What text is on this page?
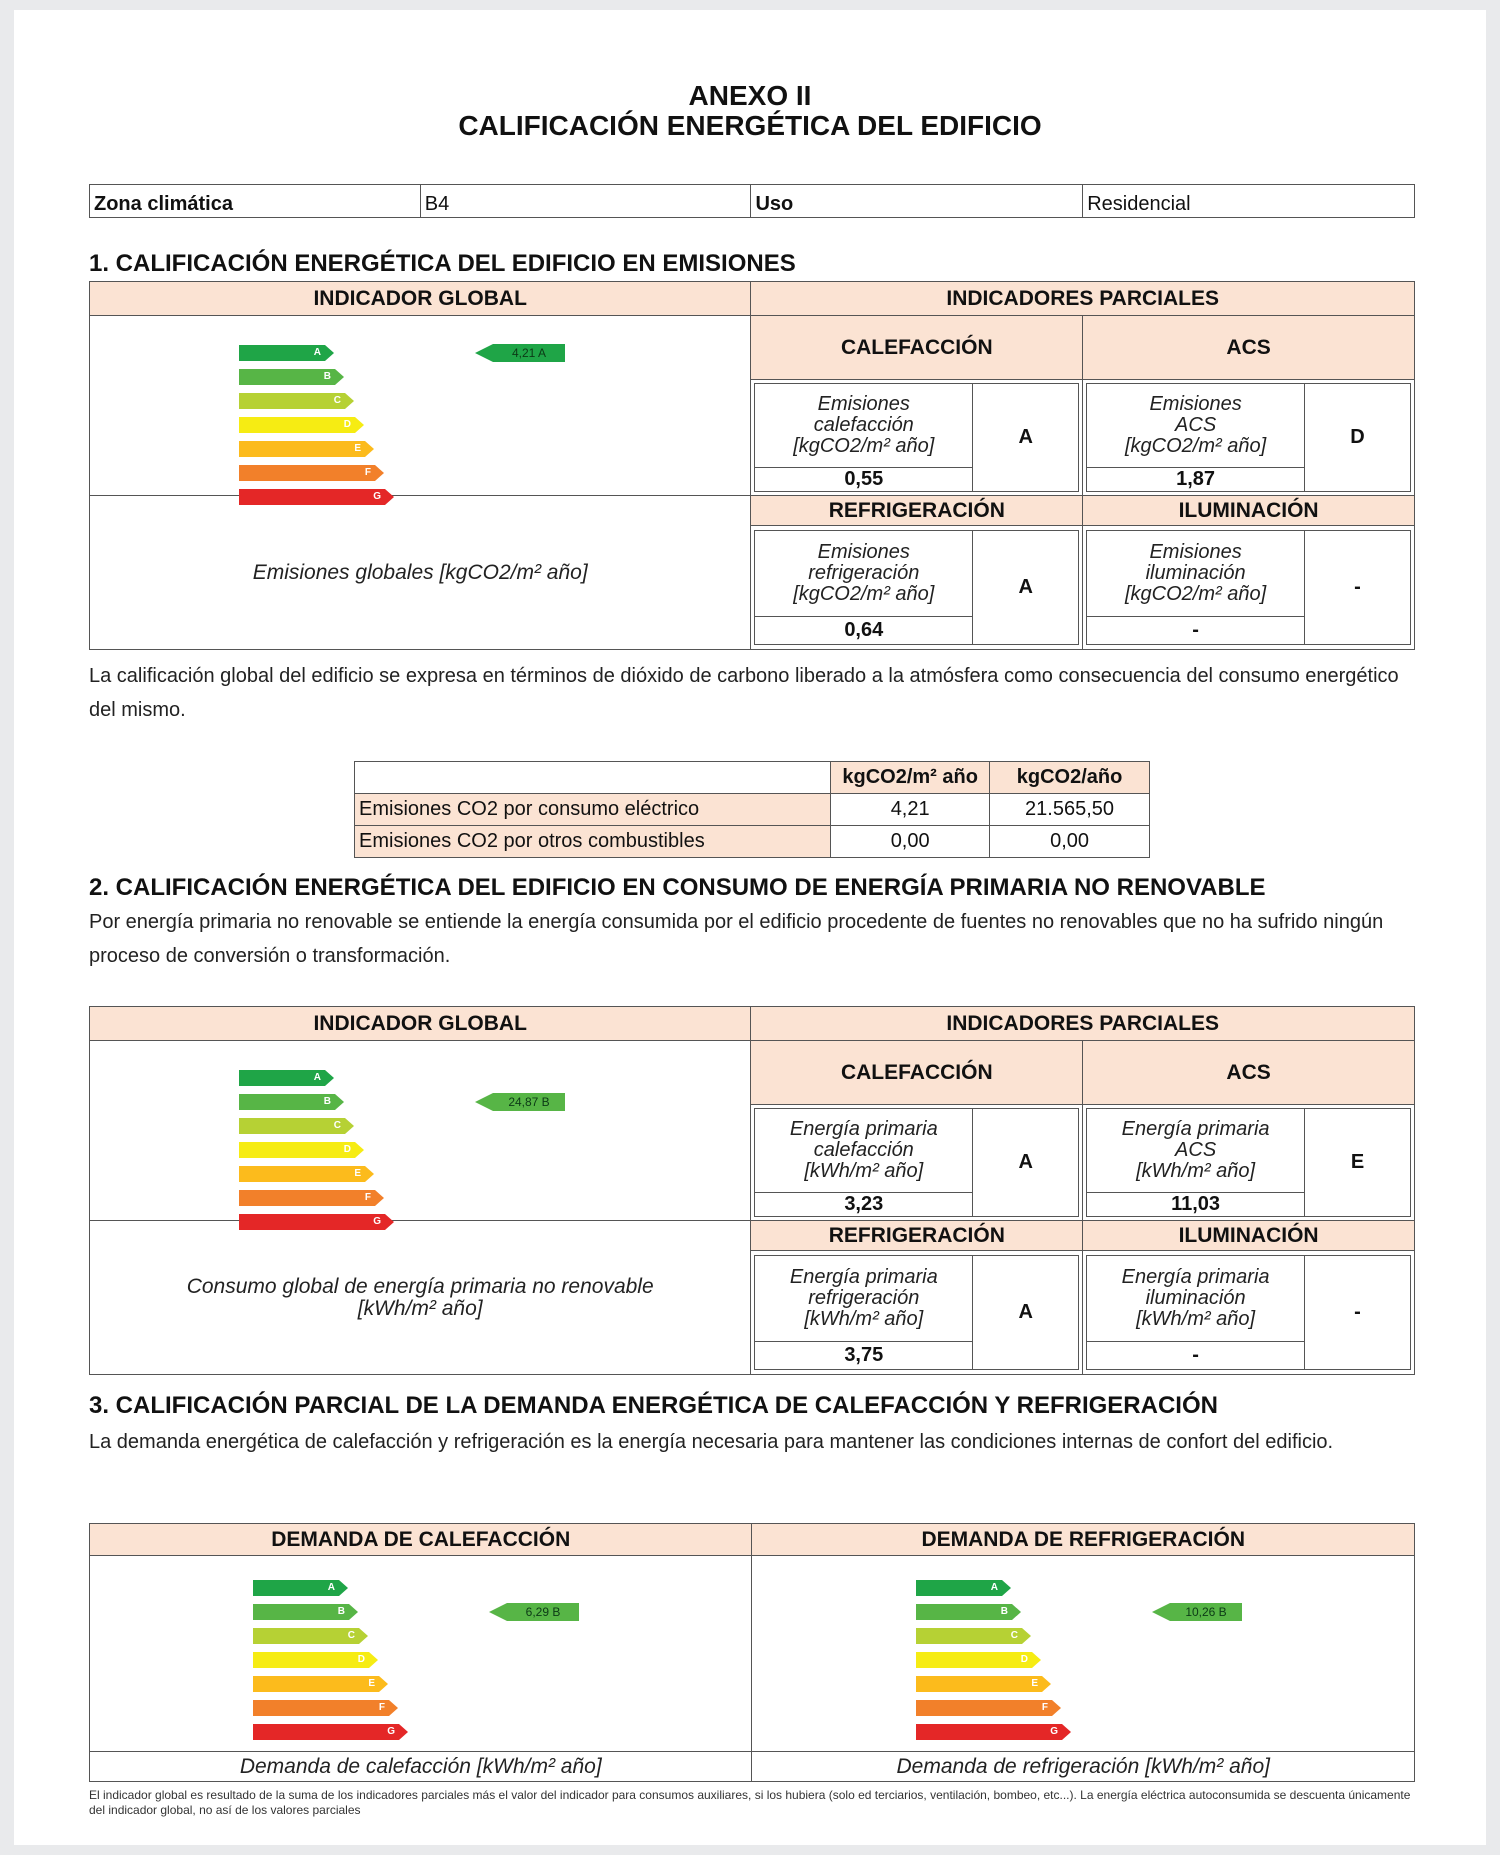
ANEXO II
CALIFICACIÓN ENERGÉTICA DEL EDIFICIO
Zona climática	B4	Uso	Residencial
1. CALIFICACIÓN ENERGÉTICA DEL EDIFICIO EN EMISIONES
INDICADOR GLOBAL	INDICADORES PARCIALES
	CALEFACCIÓN	ACS

Emisiones
calefacción
[kgCO2/m² año]	A
0,55

Emisiones
ACS
[kgCO2/m² año]	D
1,87

Emisiones globales [kgCO2/m² año]	REFRIGERACIÓN	ILUMINACIÓN

Emisiones
refrigeración
[kgCO2/m² año]	A
0,64

Emisiones
iluminación
[kgCO2/m² año]	-
-
A
B
C
D
E
F
G
4,21 A
La calificación global del edificio se expresa en términos de dióxido de carbono liberado a la atmósfera como consecuencia del consumo energético del mismo.
	kgCO2/m² año	kgCO2/año
Emisiones CO2 por consumo eléctrico	4,21	21.565,50
Emisiones CO2 por otros combustibles	0,00	0,00
2. CALIFICACIÓN ENERGÉTICA DEL EDIFICIO EN CONSUMO DE ENERGÍA PRIMARIA NO RENOVABLE
Por energía primaria no renovable se entiende la energía consumida por el edificio procedente de fuentes no renovables que no ha sufrido ningún proceso de conversión o transformación.
INDICADOR GLOBAL	INDICADORES PARCIALES
	CALEFACCIÓN	ACS

Energía primaria
calefacción
[kWh/m² año]	A
3,23

Energía primaria
ACS
[kWh/m² año]	E
11,03

Consumo global de energía primaria no renovable
[kWh/m² año]
	REFRIGERACIÓN	ILUMINACIÓN

Energía primaria
refrigeración
[kWh/m² año]	A
3,75

Energía primaria
iluminación
[kWh/m² año]	-
-
A
B
C
D
E
F
G
24,87 B
3. CALIFICACIÓN PARCIAL DE LA DEMANDA ENERGÉTICA DE CALEFACCIÓN Y REFRIGERACIÓN
La demanda energética de calefacción y refrigeración es la energía necesaria para mantener las condiciones internas de confort del edificio.
DEMANDA DE CALEFACCIÓN	DEMANDA DE REFRIGERACIÓN

Demanda de calefacción [kWh/m² año]	Demanda de refrigeración [kWh/m² año]
A
B
C
D
E
F
G
6,29 B
A
B
C
D
E
F
G
10,26 B
El indicador global es resultado de la suma de los indicadores parciales más el valor del indicador para consumos auxiliares, si los hubiera (solo ed terciarios, ventilación, bombeo, etc...). La energía eléctrica autoconsumida se descuenta únicamente del indicador global, no así de los valores parciales
